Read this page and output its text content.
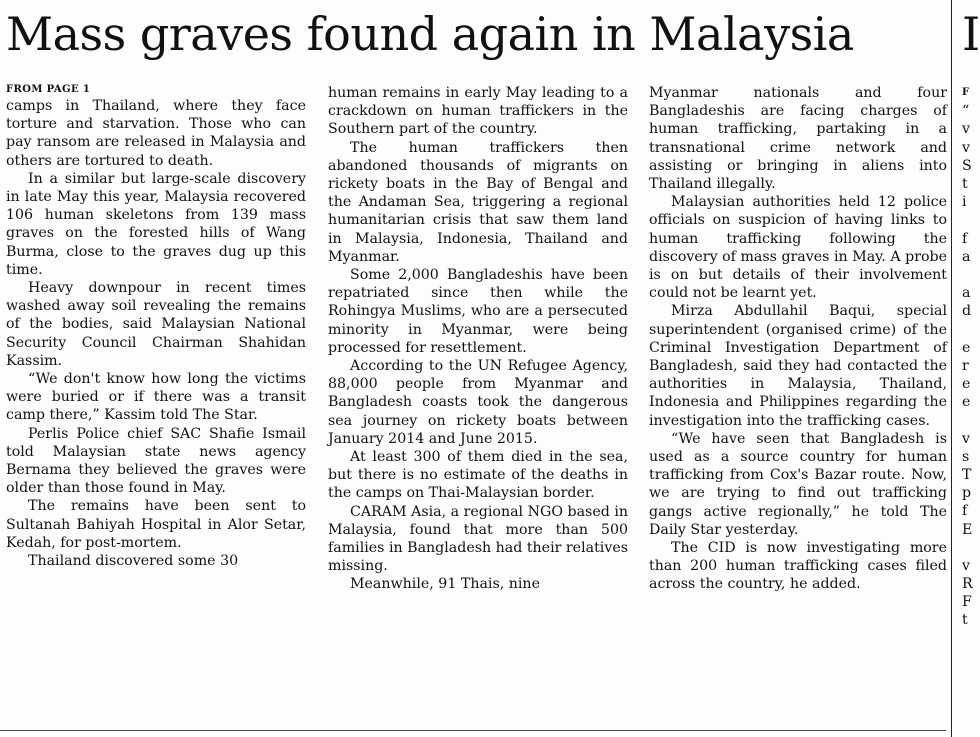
Mass graves found again in Malaysia I

FROM PAGE 1

camps in Thailand, where they face torture and starvation. Those who can pay ransom are released in Malaysia and others are tortured to death.

In a similar but large-scale discovery in late May this year, Malaysia recovered 106 human skeletons from 139 mass graves on the forested hills of Wang Burma, close to the graves dug up this time.

Heavy downpour in recent times washed away soil revealing the remains of the bodies, said Malaysian National Security Council Chairman Shahidan Kassim.

“We don't know how long the victims were buried or if there was a transit camp there,” Kassim told The Star.

Perlis Police chief SAC Shafie Ismail told Malaysian state news agency Bernama they believed the graves were older than those found in May.

The remains have been sent to Sultanah Bahiyah Hospital in Alor Setar, Kedah, for post-mortem.

Thailand discovered some 30

human remains in early May leading to a crackdown on human traffickers in the Southern part of the country.

The human traffickers then abandoned thousands of migrants on rickety boats in the Bay of Bengal and the Andaman Sea, triggering a regional humanitarian crisis that saw them land in Malaysia, Indonesia, Thailand and Myanmar.

Some 2,000 Bangladeshis have been repatriated since then while the Rohingya Muslims, who are a persecuted minority in Myanmar, were being processed for resettlement.

According to the UN Refugee Agency, 88,000 people from Myanmar and Bangladesh coasts took the dangerous sea journey on rickety boats between January 2014 and June 2015.

At least 300 of them died in the sea, but there is no estimate of the deaths in the camps on Thai-Malaysian border.

CARAM Asia, a regional NGO based in Malaysia, found that more than 500 families in Bangladesh had their relatives missing.

Meanwhile, 91 Thais, nine

Myanmar nationals and four Bangladeshis are facing charges of human trafficking, partaking in a transnational crime network and assisting or bringing in aliens into Thailand illegally.

Malaysian authorities held 12 police officials on suspicion of having links to human trafficking following the discovery of mass graves in May. A probe is on but details of their involvement could not be learnt yet.

Mirza Abdullahil Baqui, special superintendent (organised crime) of the Criminal Investigation Department of Bangladesh, said they had contacted the authorities in Malaysia, Thailand, Indonesia and Philippines regarding the investigation into the trafficking cases.

“We have seen that Bangladesh is used as a source country for human trafficking from Cox's Bazar route. Now, we are trying to find out trafficking gangs active regionally,” he told The Daily Star yesterday.

The CID is now investigating more than 200 human trafficking cases filed across the country, he added.

F
“
v
v
S
t
i
f
a
a
d
e
r
e
e
v
s
T
p
f
E
v
R
F
t
